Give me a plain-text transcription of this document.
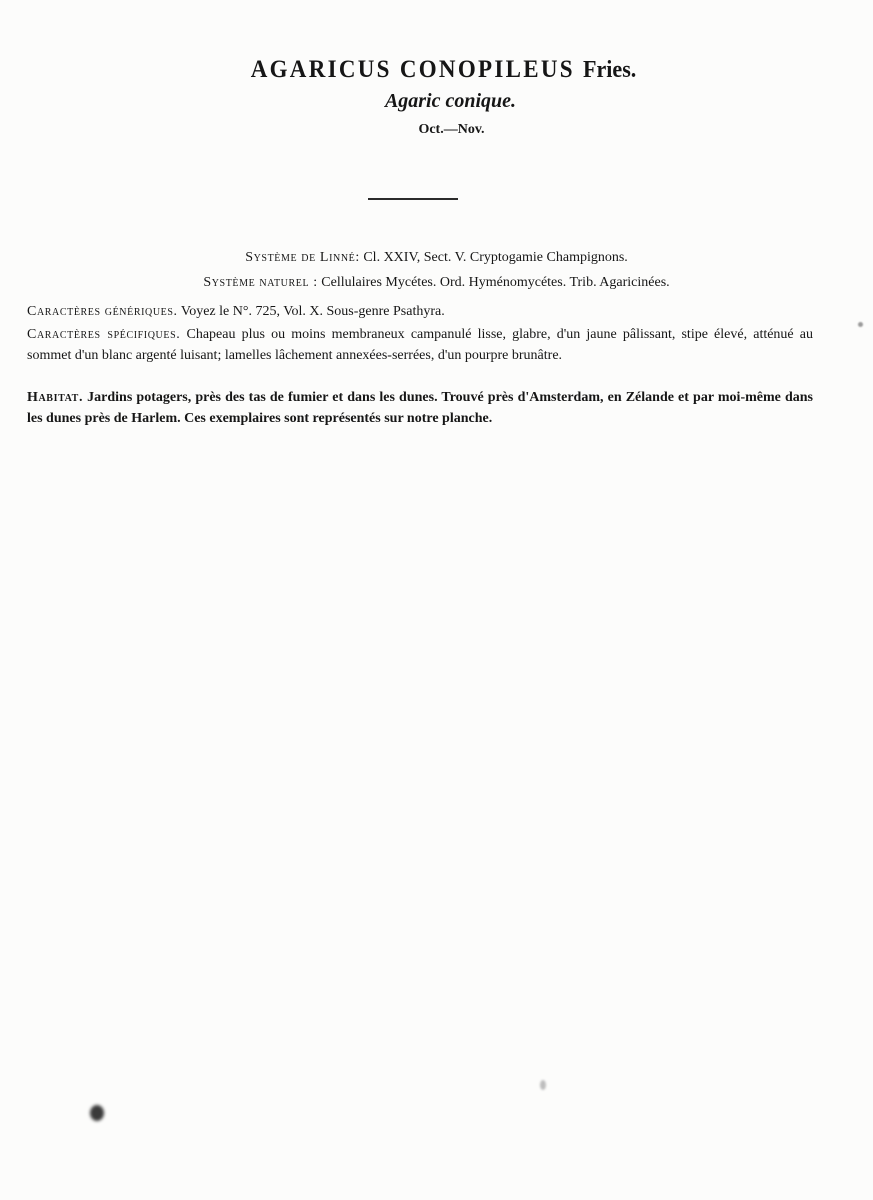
AGARICUS CONOPILEUS Fries.
Agaric conique.
Oct.—Nov.
Système de Linné: Cl. XXIV, Sect. V. Cryptogamie Champignons.
Système naturel : Cellulaires Mycétes. Ord. Hyménomycétes. Trib. Agaricinées.
Caractères génériques. Voyez le N°. 725, Vol. X. Sous-genre Psathyra.
Caractères spécifiques. Chapeau plus ou moins membraneux campanulé lisse, glabre, d'un jaune pâlissant, stipe élevé, atténué au sommet d'un blanc argenté luisant; lamelles lâchement annexées-serrées, d'un pourpre brunâtre.
Habitat. Jardins potagers, près des tas de fumier et dans les dunes. Trouvé près d'Amsterdam, en Zélande et par moi-même dans les dunes près de Harlem. Ces exemplaires sont représentés sur notre planche.
